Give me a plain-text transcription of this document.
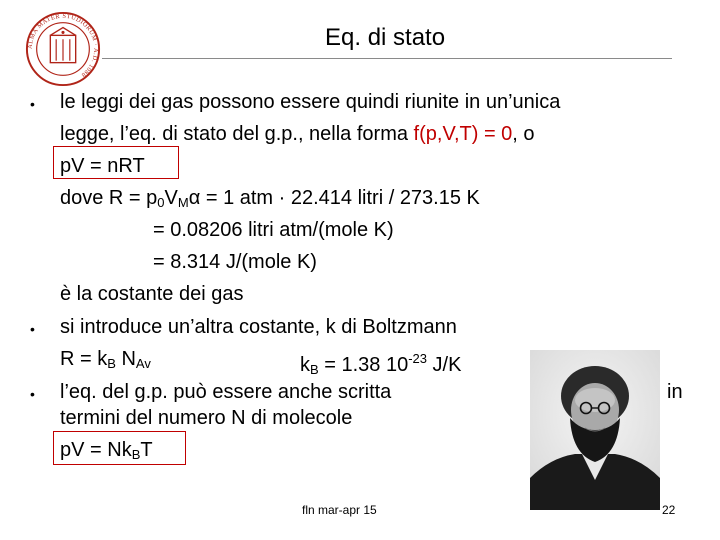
ALMA MATER STUDIORUM · A.D. 1088
Eq. di stato
• le leggi dei gas possono essere quindi riunite in un’unica
legge, l’eq. di stato del g.p., nella forma f(p,V,T) = 0, o
pV = nRT
dove $R = p_0V_M\alpha = 1$ atm · 22.414 litri / 273.15 K
= 0.08206 litri atm/(mole K)
= 8.314 J/(mole K)
è la costante dei gas
• si introduce un’altra costante, k di Boltzmann
$R = k_B$ $N_{Av}$	$k_B = 1.38$ $10^{-23}$ J/K
• l’eq. del g.p. può essere anche scritta	in
termini del numero N di molecole
pV = $Nk_BT$
fln mar-apr 15	22
